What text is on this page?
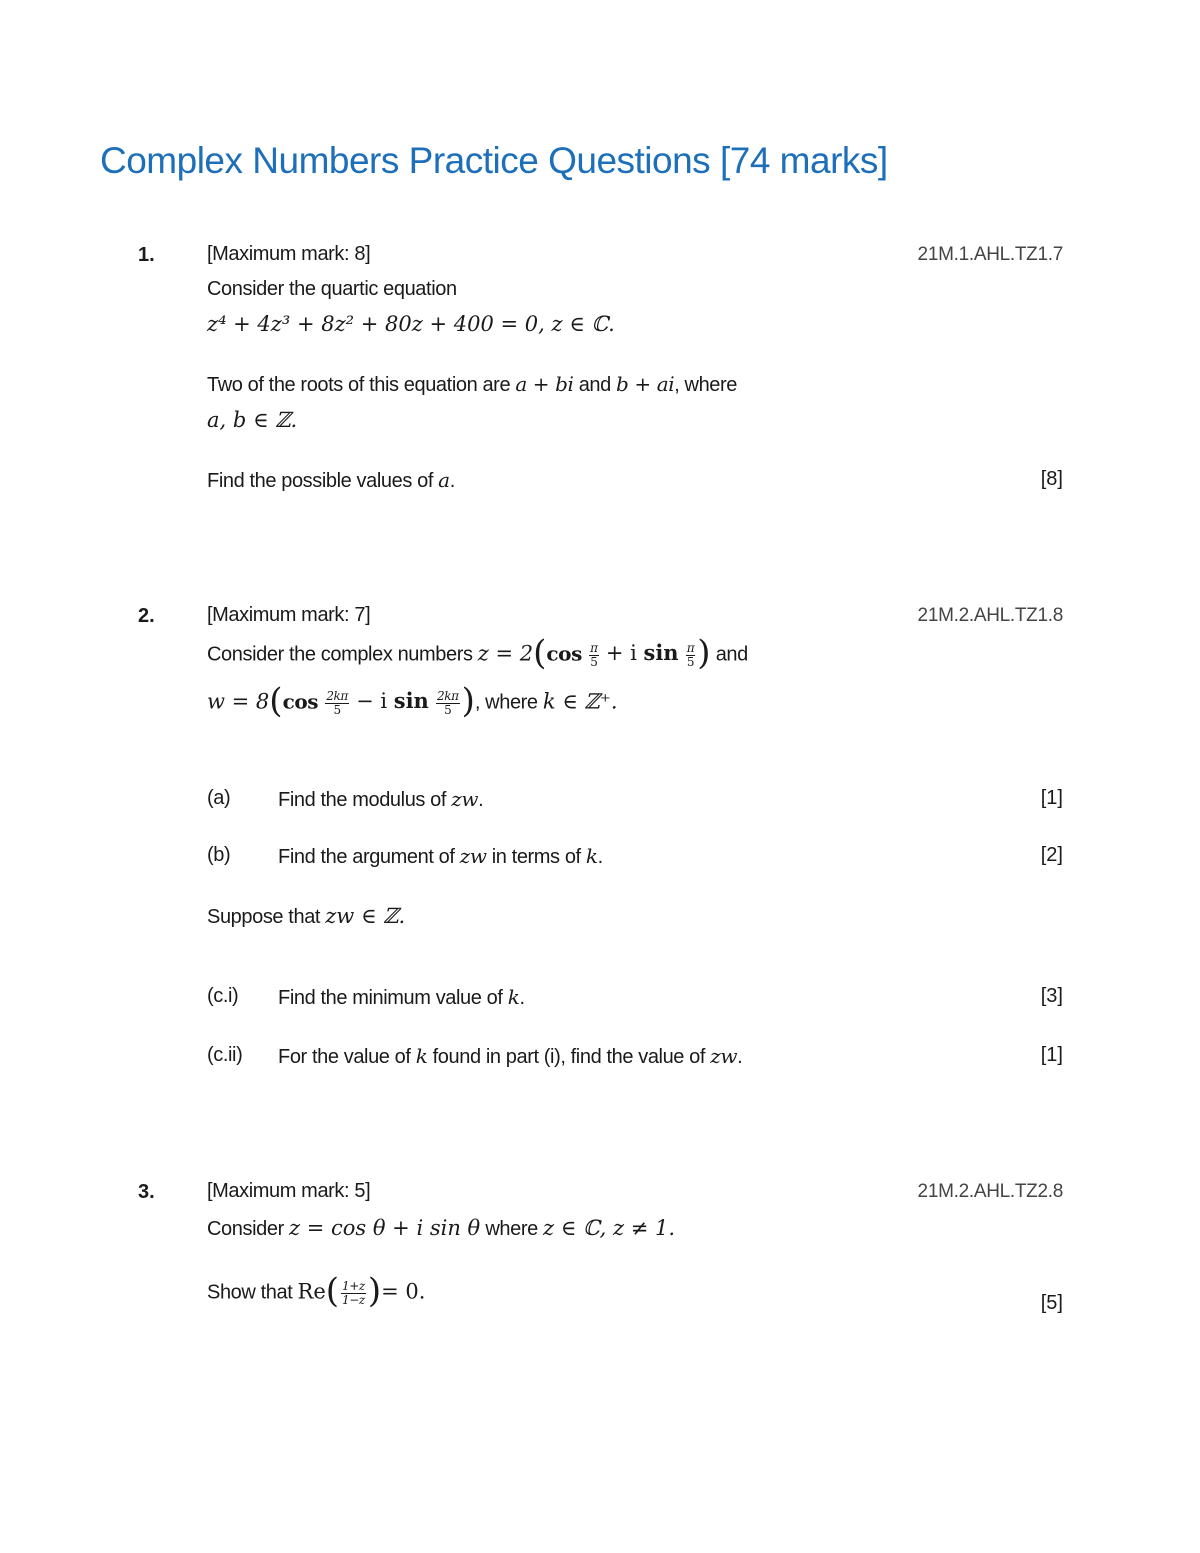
Complex Numbers Practice Questions [74 marks]
1.	[Maximum mark: 8]	21M.1.AHL.TZ1.7
Consider the quartic equation
z⁴ + 4z³ + 8z² + 80z + 400 = 0, z ∈ ℂ.
Two of the roots of this equation are a + bi and b + ai, where
a, b ∈ ℤ.
Find the possible values of a.	[8]
2.	[Maximum mark: 7]	21M.2.AHL.TZ1.8
Consider the complex numbers $z = 2(\cos \frac{\pi}{5} + i$ $\sin \frac{\pi}{5}$ ) and
$w = 8(\cos \frac{2k\pi}{5} - i$ $\sin \frac{2k\pi}{5}$ ), where k ∈ ℤ⁺.
(a) Find the modulus of zw.	[1]
(b) Find the argument of zw in terms of k.	[2]
Suppose that zw ∈ ℤ.
(c.i) Find the minimum value of k.	[3]
(c.ii) For the value of k found in part (i), find the value of zw.	[1]
3.	[Maximum mark: 5]	21M.2.AHL.TZ2.8
Consider z = cos θ + i sin θ where z ∈ ℂ, z ≠ 1.
Show that $Re( \frac{1+z}{1-z}$ )= 0.	[5]
